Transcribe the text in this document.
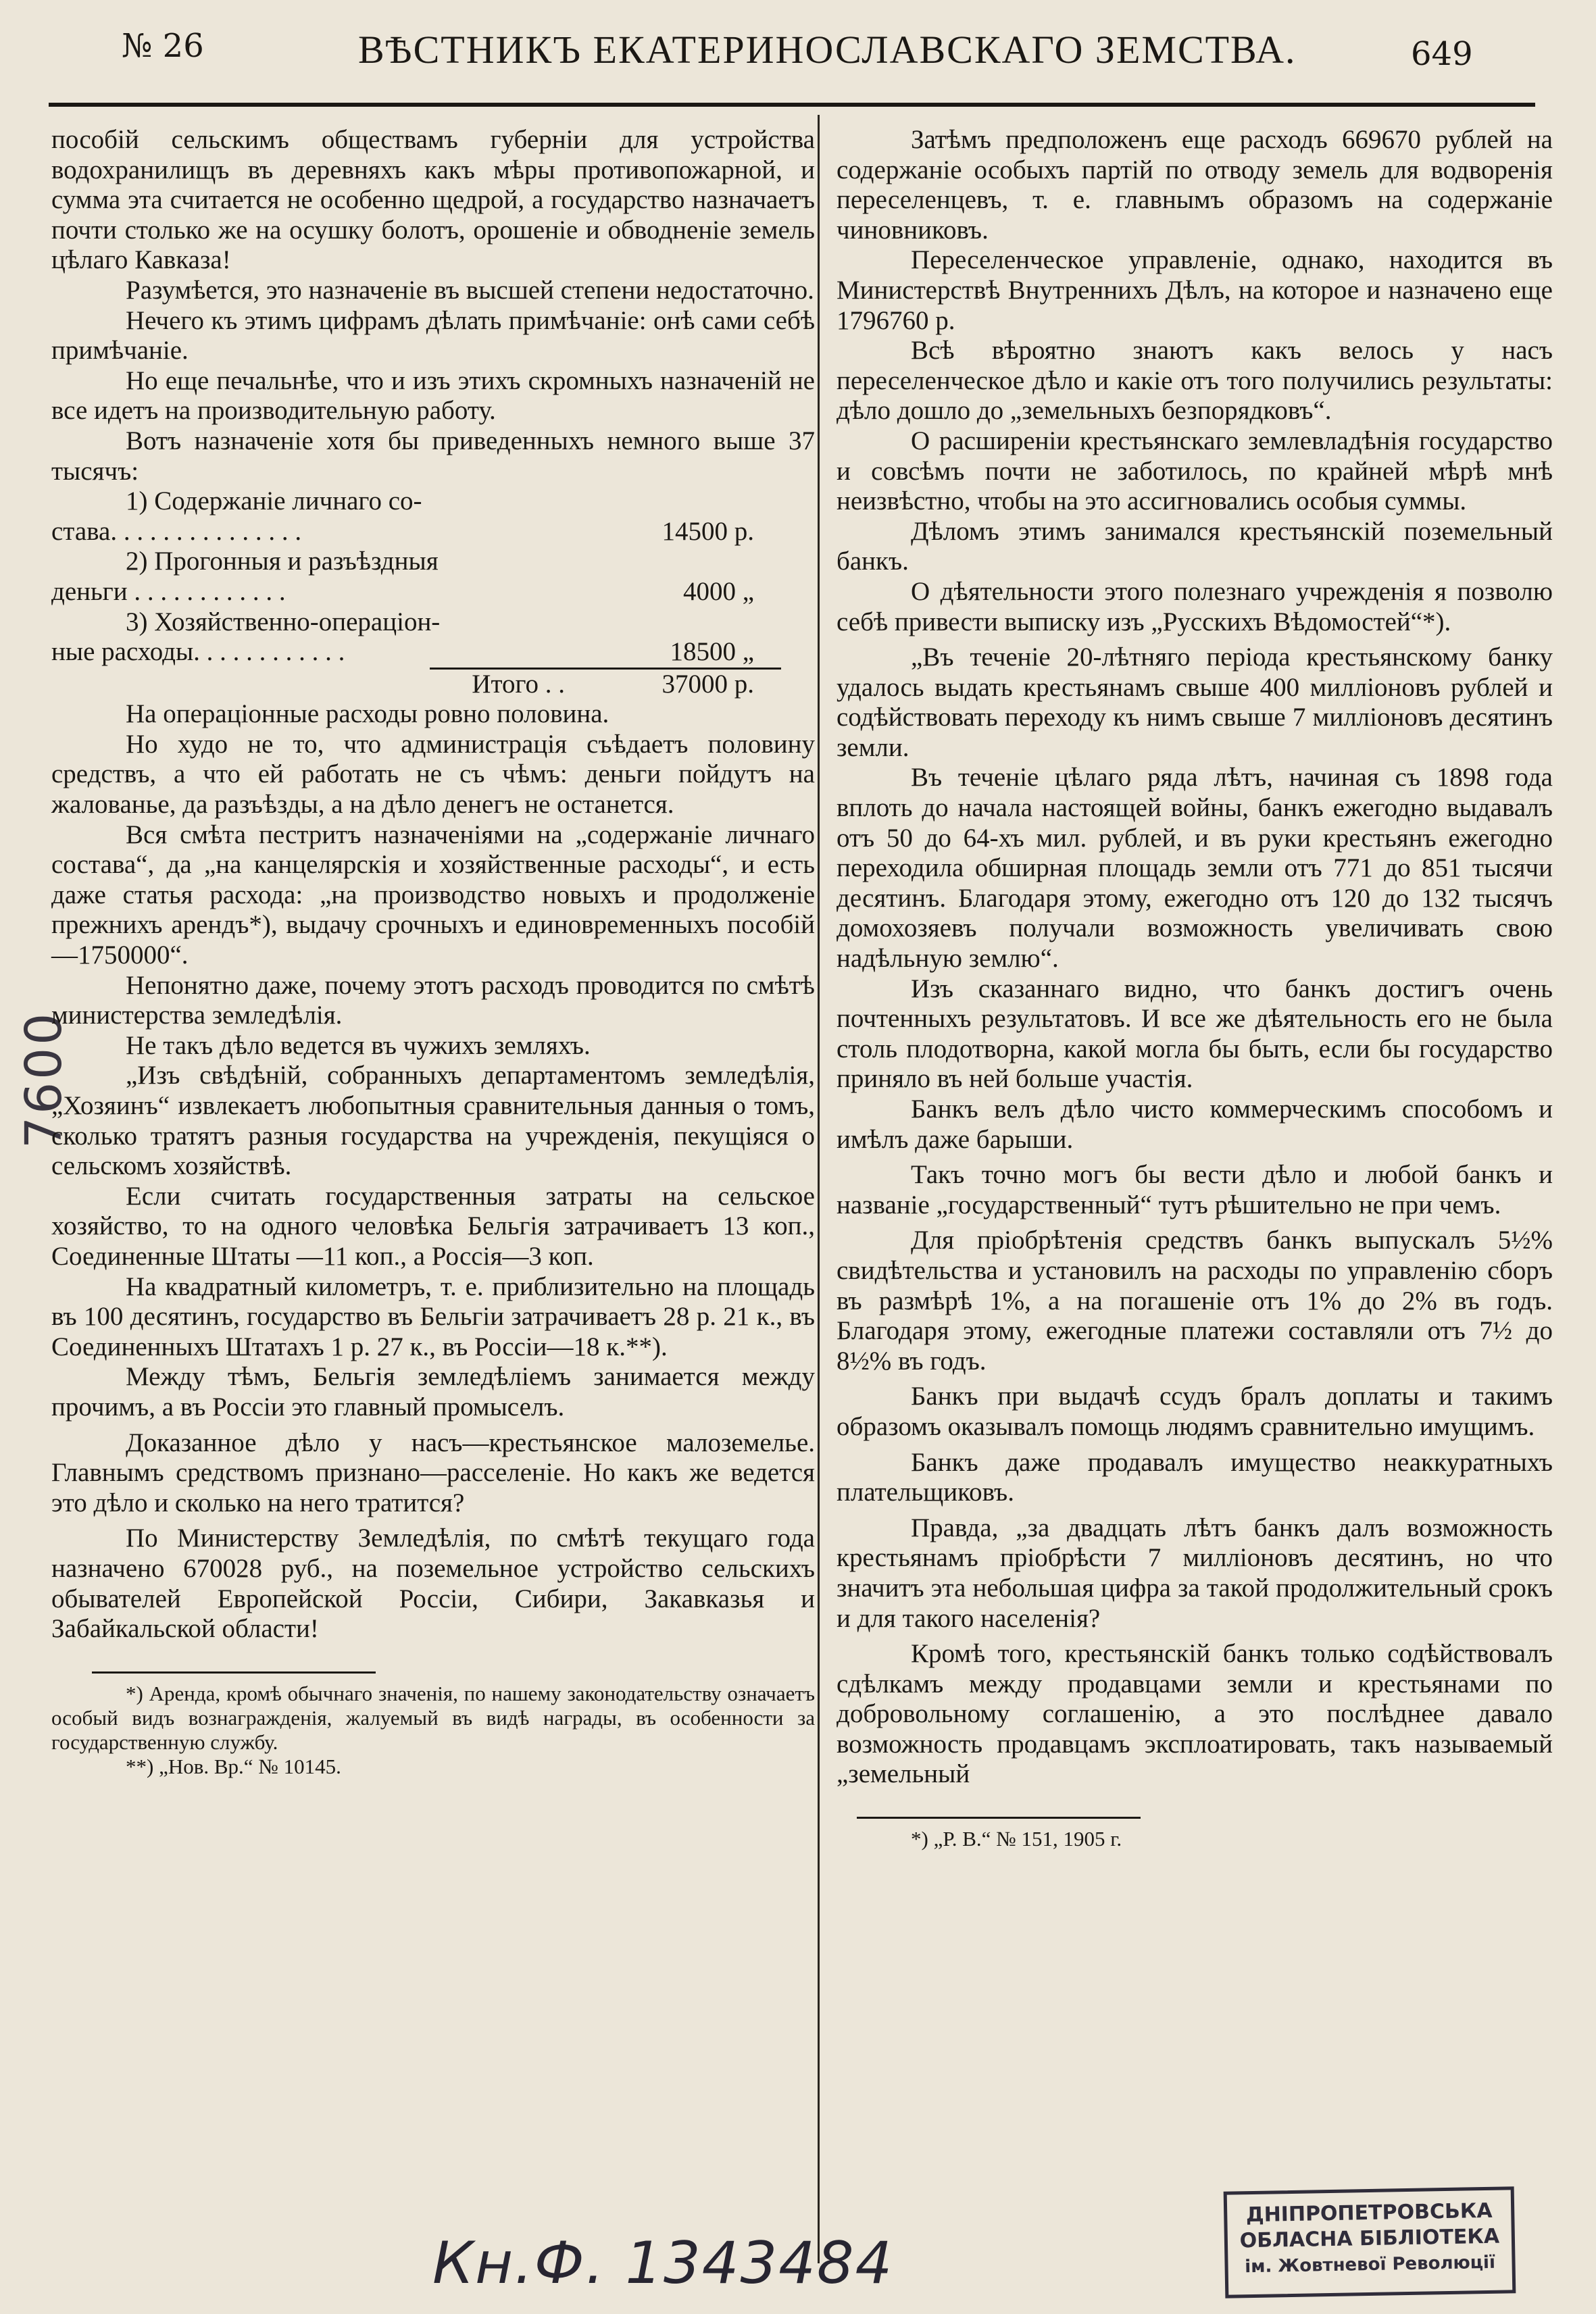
№ 26	ВѢСТНИКЪ ЕКАТЕРИНОСЛАВСКАГО ЗЕМСТВА.	649
7600

пособій сельскимъ обществамъ губерніи для устройства водохранилищъ въ деревняхъ какъ мѣры противопожарной, и сумма эта считается не особенно щедрой, а государство назначаетъ почти столько же на осушку болотъ, орошеніе и обводненіе земель цѣлаго Кавказа!

Разумѣется, это назначеніе въ высшей степени недостаточно.

Нечего къ этимъ цифрамъ дѣлать примѣчаніе: онѣ сами себѣ примѣчаніе.

Но еще печальнѣе, что и изъ этихъ скромныхъ назначеній не все идетъ на производительную работу.

Вотъ назначеніе хотя бы приведенныхъ немного выше 37 тысячъ:

1) Содержаніе личнаго со-
става. . . . . . . . . . . . . . .	14500 р.
2) Прогонныя и разъѣздныя
деньги . . . . . . . . . . . .	4000 „
3) Хозяйственно-операціон-
ные расходы. . . . . . . . . . . .	18500 „
Итого . .	37000 р.

На операціонные расходы ровно половина.

Но худо не то, что администрація съѣдаетъ половину средствъ, а что ей работать не съ чѣмъ: деньги пойдутъ на жалованье, да разъѣзды, а на дѣло денегъ не останется.

Вся смѣта пестритъ назначеніями на „содержаніе личнаго состава“, да „на канцелярскія и хозяйственные расходы“, и есть даже статья расхода: „на производство новыхъ и продолженіе прежнихъ арендъ*), выдачу срочныхъ и единовременныхъ пособій—1750000“.

Непонятно даже, почему этотъ расходъ проводится по смѣтѣ министерства земледѣлія.

Не такъ дѣло ведется въ чужихъ земляхъ.

„Изъ свѣдѣній, собранныхъ департаментомъ земледѣлія, „Хозяинъ“ извлекаетъ любопытныя сравнительныя данныя о томъ, сколько тратятъ разныя государства на учрежденія, пекущіяся о сельскомъ хозяйствѣ.

Если считать государственныя затраты на сельское хозяйство, то на одного человѣка Бельгія затрачиваетъ 13 коп., Соединенные Штаты —11 коп., а Россія—3 коп.

На квадратный километръ, т. е. приблизительно на площадь въ 100 десятинъ, государство въ Бельгіи затрачиваетъ 28 р. 21 к., въ Соединенныхъ Штатахъ 1 р. 27 к., въ Россіи—18 к.**).

Между тѣмъ, Бельгія земледѣліемъ занимается между прочимъ, а въ Россіи это главный промыселъ.

Доказанное дѣло у насъ—крестьянское малоземелье. Главнымъ средствомъ признано—расселеніе. Но какъ же ведется это дѣло и сколько на него тратится?

По Министерству Земледѣлія, по смѣтѣ текущаго года назначено 670028 руб., на поземельное устройство сельскихъ обывателей Европейской Россіи, Сибири, Закавказья и Забайкальской области!

*) Аренда, кромѣ обычнаго значенія, по нашему законодательству означаетъ особый видъ вознагражденія, жалуемый въ видѣ награды, въ особенности за государственную службу.

**) „Нов. Вр.“ № 10145.

Затѣмъ предположенъ еще расходъ 669670 рублей на содержаніе особыхъ партій по отводу земель для водворенія переселенцевъ, т. е. главнымъ образомъ на содержаніе чиновниковъ.

Переселенческое управленіе, однако, находится въ Министерствѣ Внутреннихъ Дѣлъ, на которое и назначено еще 1796760 р.

Всѣ вѣроятно знаютъ какъ велось у насъ переселенческое дѣло и какіе отъ того получились результаты: дѣло дошло до „земельныхъ безпорядковъ“.

О расширеніи крестьянскаго землевладѣнія государство и совсѣмъ почти не заботилось, по крайней мѣрѣ мнѣ неизвѣстно, чтобы на это ассигновались особыя суммы.

Дѣломъ этимъ занимался крестьянскій поземельный банкъ.

О дѣятельности этого полезнаго учрежденія я позволю себѣ привести выписку изъ „Русскихъ Вѣдомостей“*).

„Въ теченіе 20-лѣтняго періода крестьянскому банку удалось выдать крестьянамъ свыше 400 милліоновъ рублей и содѣйствовать переходу къ нимъ свыше 7 милліоновъ десятинъ земли.

Въ теченіе цѣлаго ряда лѣтъ, начиная съ 1898 года вплоть до начала настоящей войны, банкъ ежегодно выдавалъ отъ 50 до 64-хъ мил. рублей, и въ руки крестьянъ ежегодно переходила обширная площадь земли отъ 771 до 851 тысячи десятинъ. Благодаря этому, ежегодно отъ 120 до 132 тысячъ домохозяевъ получали возможность увеличивать свою надѣльную землю“.

Изъ сказаннаго видно, что банкъ достигъ очень почтенныхъ результатовъ. И все же дѣятельность его не была столь плодотворна, какой могла бы быть, если бы государство приняло въ ней больше участія.

Банкъ велъ дѣло чисто коммерческимъ способомъ и имѣлъ даже барыши.

Такъ точно могъ бы вести дѣло и любой банкъ и названіе „государственный“ тутъ рѣшительно не при чемъ.

Для пріобрѣтенія средствъ банкъ выпускалъ 5½% свидѣтельства и установилъ на расходы по управленію сборъ въ размѣрѣ 1%, а на погашеніе отъ 1% до 2% въ годъ. Благодаря этому, ежегодные платежи составляли отъ 7½ до 8½% въ годъ.

Банкъ при выдачѣ ссудъ бралъ доплаты и такимъ образомъ оказывалъ помощь людямъ сравнительно имущимъ.

Банкъ даже продавалъ имущество неаккуратныхъ плательщиковъ.

Правда, „за двадцать лѣтъ банкъ далъ возможность крестьянамъ пріобрѣсти 7 милліоновъ десятинъ, но что значитъ эта небольшая цифра за такой продолжительный срокъ и для такого населенія?

Кромѣ того, крестьянскій банкъ только содѣйствовалъ сдѣлкамъ между продавцами земли и крестьянами по добровольному соглашенію, а это послѣднее давало возможность продавцамъ эксплоатировать, такъ называемый „земельный

*) „Р. В.“ № 151, 1905 г.

Кн.Ф. 1343484
ДНІПРОПЕТРОВСЬКА
ОБЛАСНА БІБЛІОТЕКА
ім. Жовтневої Революції
